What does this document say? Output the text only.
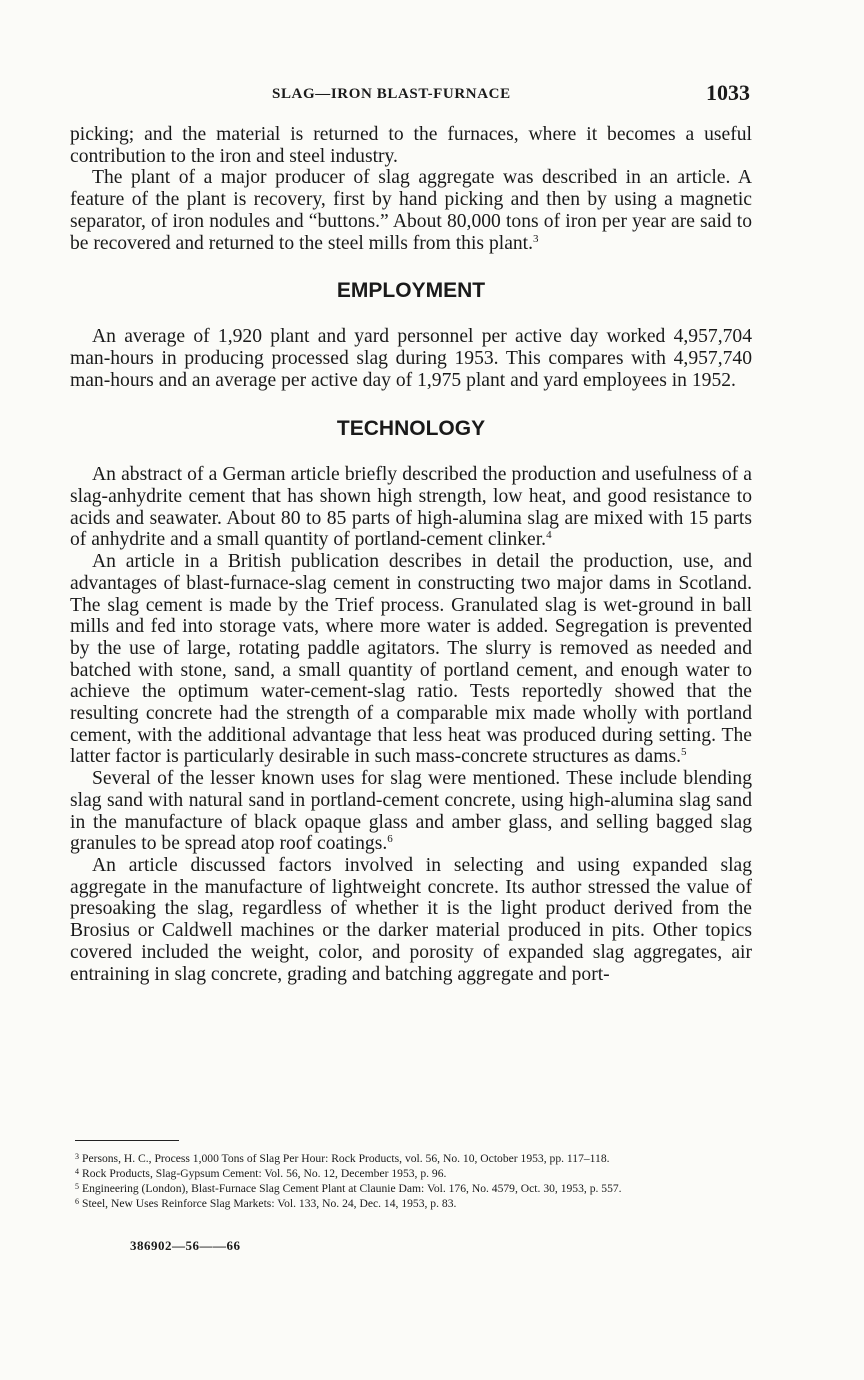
SLAG—IRON BLAST-FURNACE	1033

picking; and the material is returned to the furnaces, where it becomes a useful contribution to the iron and steel industry.

The plant of a major producer of slag aggregate was described in an article. A feature of the plant is recovery, first by hand picking and then by using a magnetic separator, of iron nodules and “buttons.” About 80,000 tons of iron per year are said to be recovered and returned to the steel mills from this plant.$^3$

EMPLOYMENT

An average of 1,920 plant and yard personnel per active day worked 4,957,704 man-hours in producing processed slag during 1953. This compares with 4,957,740 man-hours and an average per active day of 1,975 plant and yard employees in 1952.

TECHNOLOGY

An abstract of a German article briefly described the production and usefulness of a slag-anhydrite cement that has shown high strength, low heat, and good resistance to acids and seawater. About 80 to 85 parts of high-alumina slag are mixed with 15 parts of anhydrite and a small quantity of portland-cement clinker.$^4$

An article in a British publication describes in detail the production, use, and advantages of blast-furnace-slag cement in constructing two major dams in Scotland. The slag cement is made by the Trief process. Granulated slag is wet-ground in ball mills and fed into storage vats, where more water is added. Segregation is prevented by the use of large, rotating paddle agitators. The slurry is removed as needed and batched with stone, sand, a small quantity of portland cement, and enough water to achieve the optimum water-cement-slag ratio. Tests reportedly showed that the resulting concrete had the strength of a comparable mix made wholly with portland cement, with the additional advantage that less heat was produced during setting. The latter factor is particularly desirable in such mass-concrete structures as dams.$^5$

Several of the lesser known uses for slag were mentioned. These include blending slag sand with natural sand in portland-cement concrete, using high-alumina slag sand in the manufacture of black opaque glass and amber glass, and selling bagged slag granules to be spread atop roof coatings.$^6$

An article discussed factors involved in selecting and using expanded slag aggregate in the manufacture of lightweight concrete. Its author stressed the value of presoaking the slag, regardless of whether it is the light product derived from the Brosius or Caldwell machines or the darker material produced in pits. Other topics covered included the weight, color, and porosity of expanded slag aggregates, air entraining in slag concrete, grading and batching aggregate and port-

$^3$ Persons, H. C., Process 1,000 Tons of Slag Per Hour: Rock Products, vol. 56, No. 10, October 1953, pp. 117–118.

$^4$ Rock Products, Slag-Gypsum Cement: Vol. 56, No. 12, December 1953, p. 96.

$^5$ Engineering (London), Blast-Furnace Slag Cement Plant at Claunie Dam: Vol. 176, No. 4579, Oct. 30, 1953, p. 557.

$^6$ Steel, New Uses Reinforce Slag Markets: Vol. 133, No. 24, Dec. 14, 1953, p. 83.

386902—56——66
